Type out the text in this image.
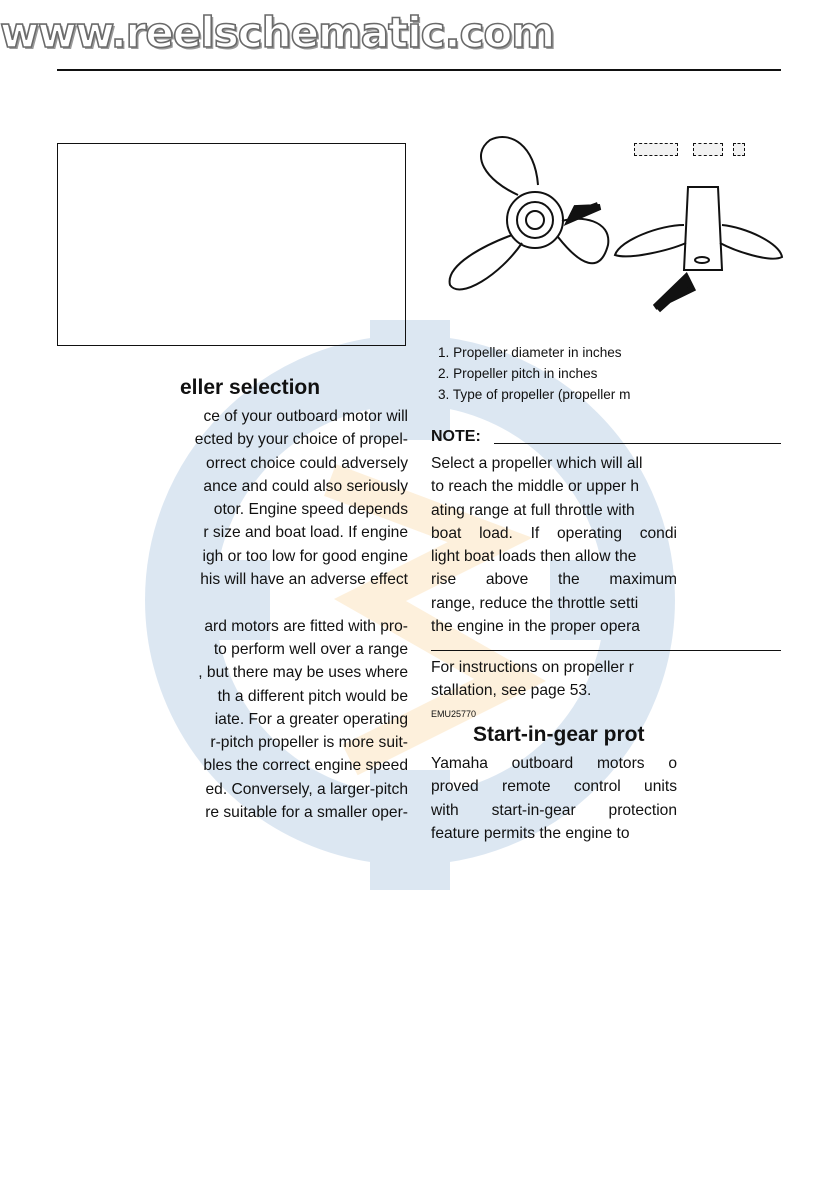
www.reelschematic.com
eller selection
ce of your outboard motor will
ected by your choice of propel-
orrect choice could adversely
ance and could also seriously
otor. Engine speed depends
r size and boat load. If engine
igh or too low for good engine
his will have an adverse effect
ard motors are fitted with pro-
to perform well over a range
, but there may be uses where
th a different pitch would be
iate. For a greater operating
r-pitch propeller is more suit-
bles the correct engine speed
ed. Conversely, a larger-pitch
re suitable for a smaller oper-
1. Propeller diameter in inches
2. Propeller pitch in inches
3. Type of propeller (propeller m
NOTE:
Select a propeller which will all
to reach the middle or upper h
ating range at full throttle with
boat load. If operating condi
light boat loads then allow the
rise above the maximum
range, reduce the throttle setti
the engine in the proper opera
For instructions on propeller r
stallation, see page 53.
EMU25770
Start-in-gear prot
Yamaha outboard motors o
proved remote control units
with start-in-gear protection
feature permits the engine to
